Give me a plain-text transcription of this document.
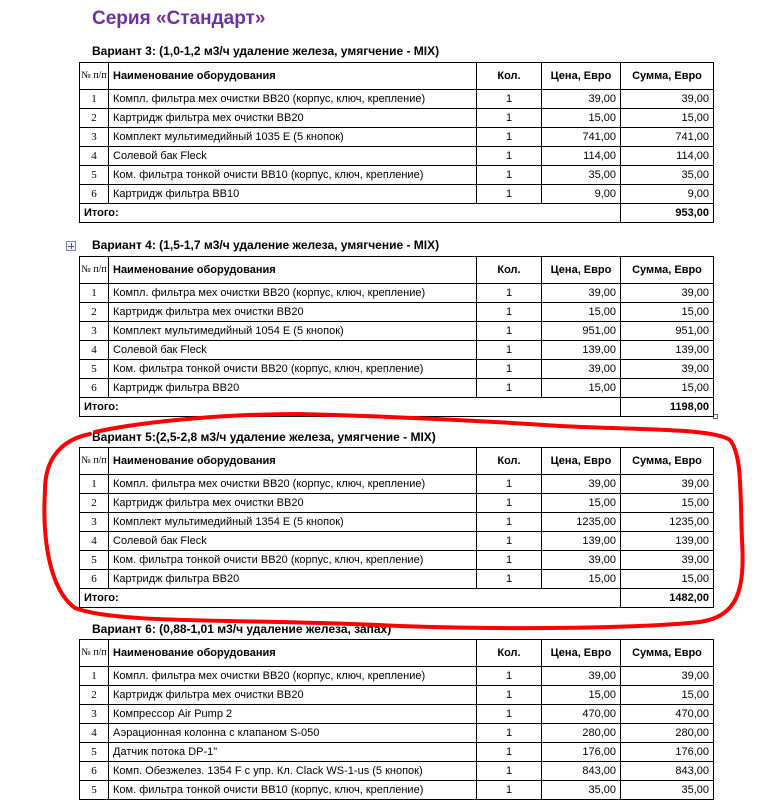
Серия «Стандарт»
Вариант 3: (1,0-1,2 м3/ч удаление железа, умягчение - MIX)
№ п/п	Наименование оборудования	Кол.	Цена, Евро	Сумма, Евро
1	Компл. фильтра мех очистки BB20 (корпус, ключ, крепление)	1	39,00	39,00
2	Картридж фильтра мех очистки BB20	1	15,00	15,00
3	Комплект мультимедийный 1035 Е (5 кнопок)	1	741,00	741,00
4	Солевой бак Fleck	1	114,00	114,00
5	Ком. фильтра тонкой очисти BB10 (корпус, ключ, крепление)	1	35,00	35,00
6	Картридж фильтра BB10	1	9,00	9,00
Итого:				953,00
Вариант 4: (1,5-1,7 м3/ч удаление железа, умягчение - MIX)
№ п/п	Наименование оборудования	Кол.	Цена, Евро	Сумма, Евро
1	Компл. фильтра мех очистки BB20 (корпус, ключ, крепление)	1	39,00	39,00
2	Картридж фильтра мех очистки BB20	1	15,00	15,00
3	Комплект мультимедийный 1054 Е (5 кнопок)	1	951,00	951,00
4	Солевой бак Fleck	1	139,00	139,00
5	Ком. фильтра тонкой очисти BB20 (корпус, ключ, крепление)	1	39,00	39,00
6	Картридж фильтра BB20	1	15,00	15,00
Итого:				1198,00
Вариант 5:(2,5-2,8 м3/ч удаление железа, умягчение - MIX)
№ п/п	Наименование оборудования	Кол.	Цена, Евро	Сумма, Евро
1	Компл. фильтра мех очистки BB20 (корпус, ключ, крепление)	1	39,00	39,00
2	Картридж фильтра мех очистки BB20	1	15,00	15,00
3	Комплект мультимедийный 1354 Е (5 кнопок)	1	1235,00	1235,00
4	Солевой бак Fleck	1	139,00	139,00
5	Ком. фильтра тонкой очисти BB20 (корпус, ключ, крепление)	1	39,00	39,00
6	Картридж фильтра BB20	1	15,00	15,00
Итого:				1482,00
Вариант 6: (0,88-1,01 м3/ч удаление железа, запах)
№ п/п	Наименование оборудования	Кол.	Цена, Евро	Сумма, Евро
1	Компл. фильтра мех очистки BB20 (корпус, ключ, крепление)	1	39,00	39,00
2	Картридж фильтра мех очистки BB20	1	15,00	15,00
3	Компрессор Air Pump 2	1	470,00	470,00
4	Аэрационная колонна с клапаном S-050	1	280,00	280,00
5	Датчик потока DP-1"	1	176,00	176,00
6	Комп. Обезжелез. 1354 F с упр. Кл. Clack WS-1-us (5 кнопок)	1	843,00	843,00
5	Ком. фильтра тонкой очисти BB10 (корпус, ключ, крепление)	1	35,00	35,00
